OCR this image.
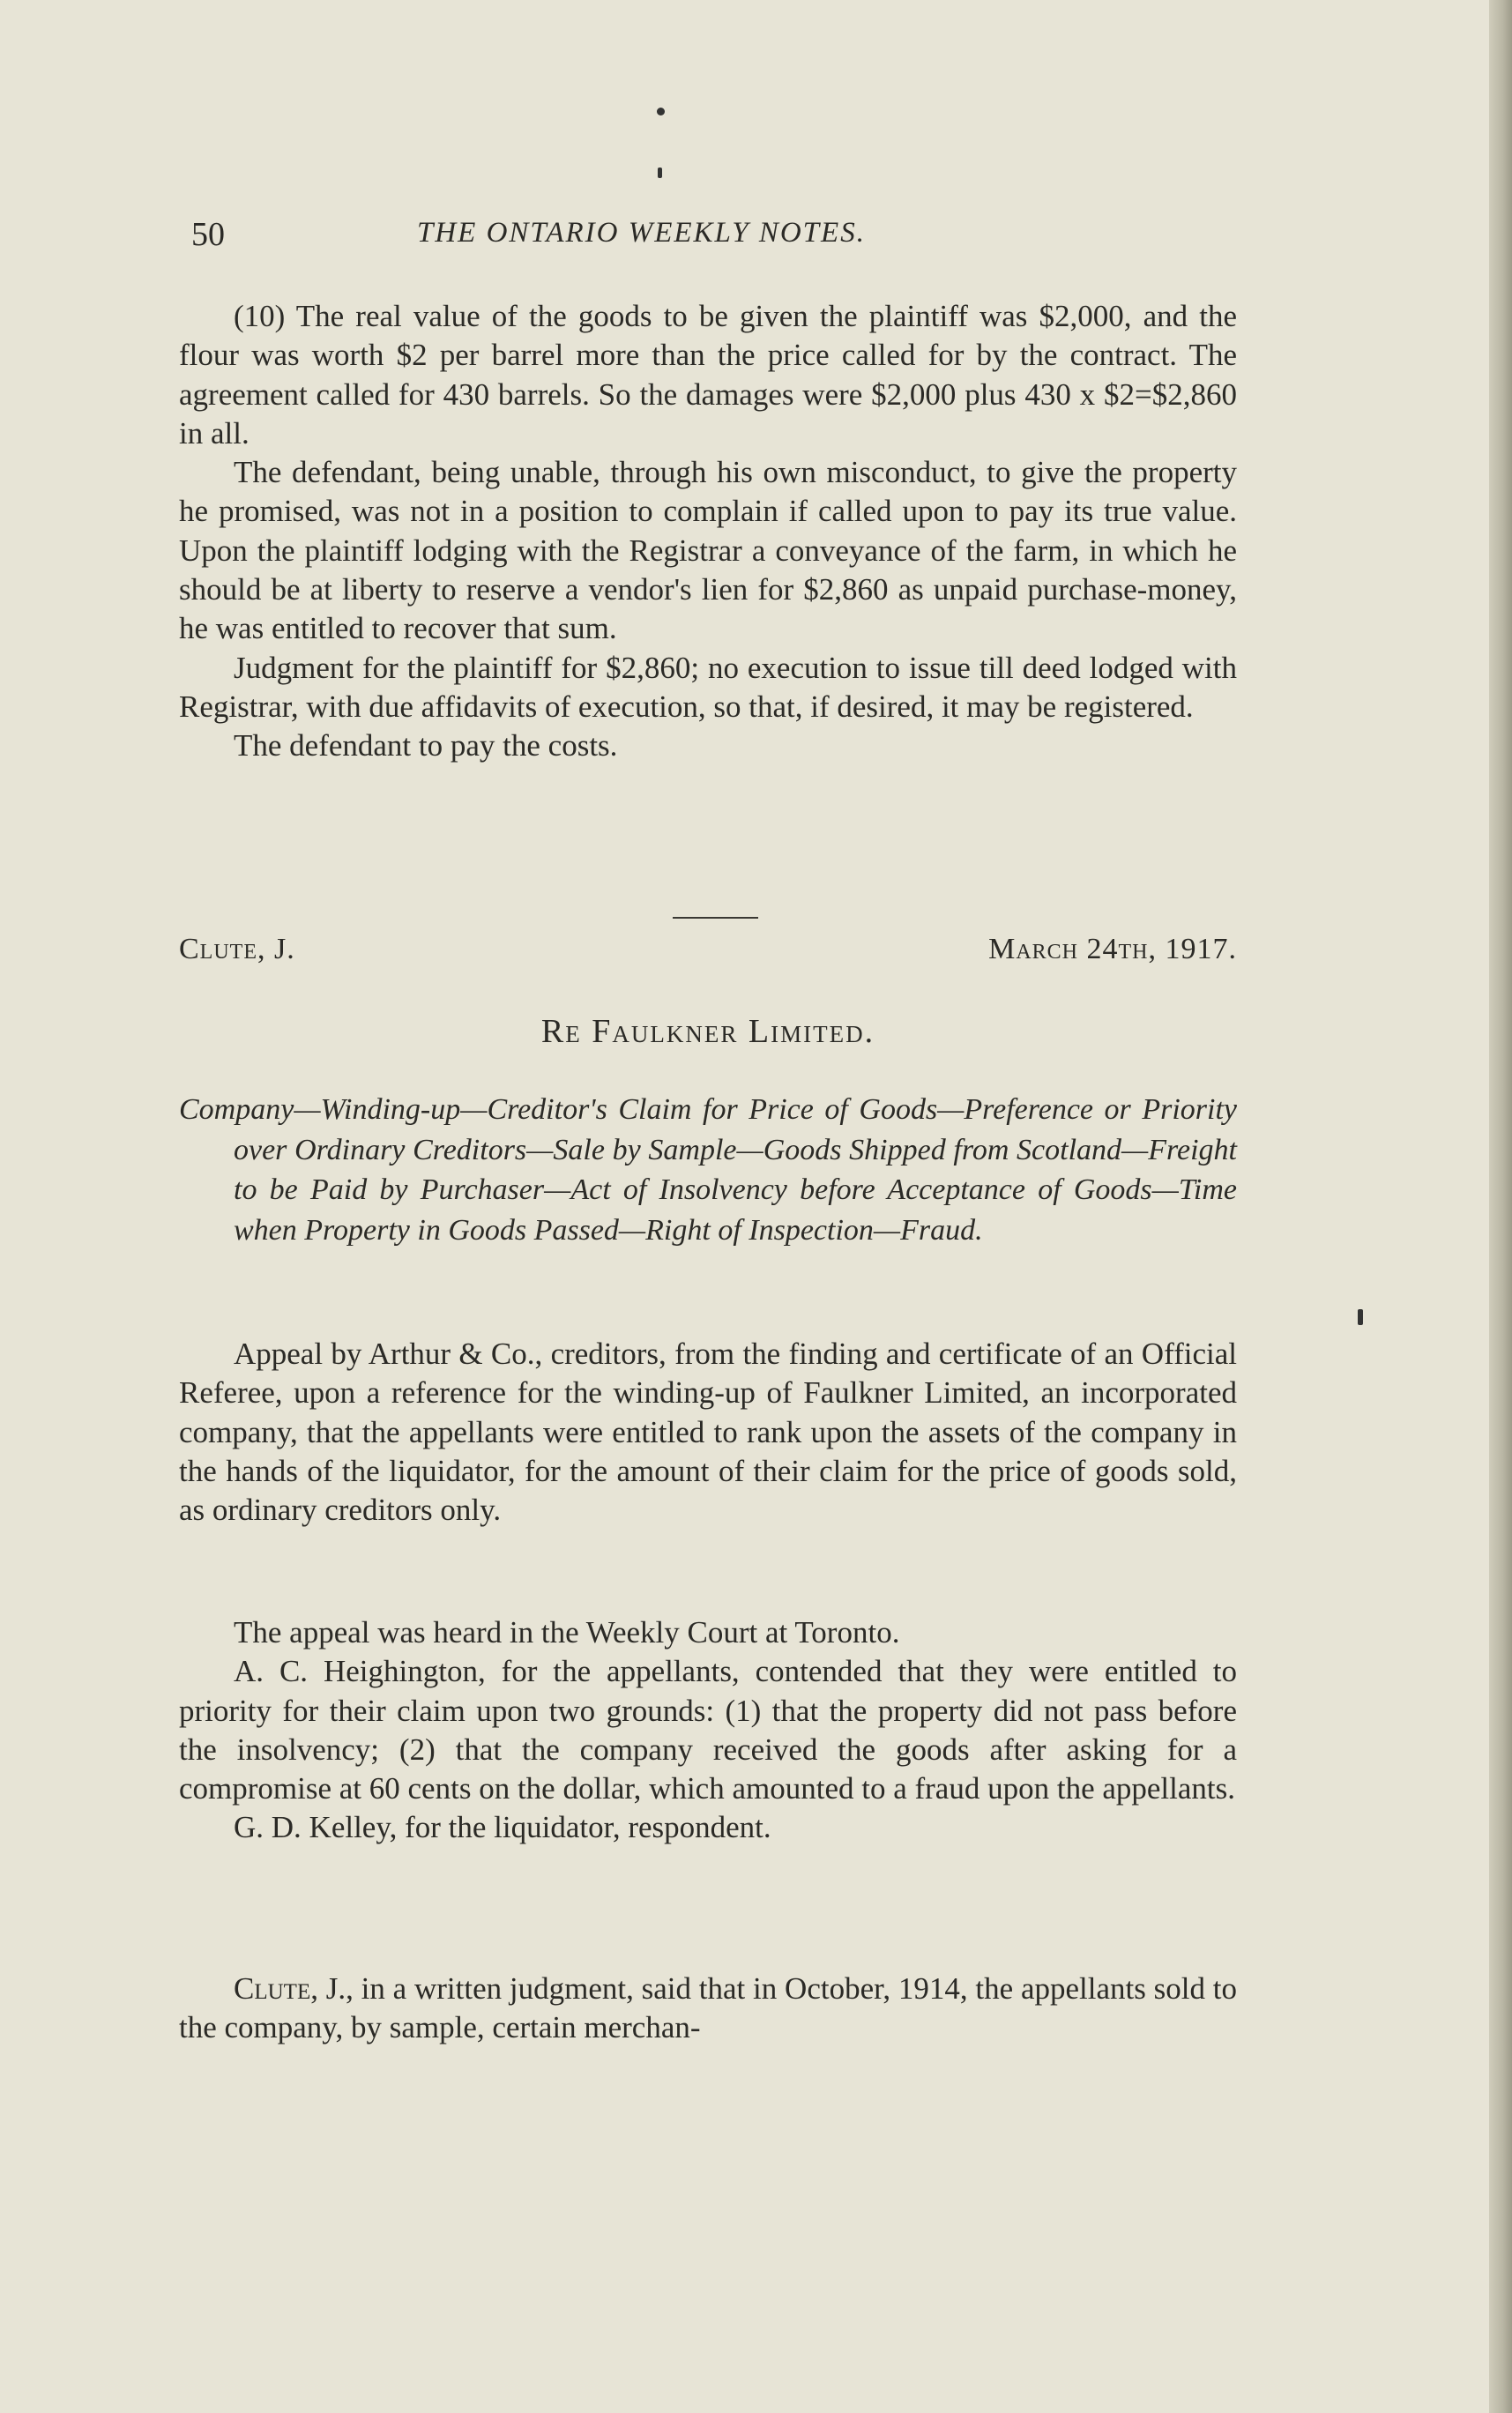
50	THE ONTARIO WEEKLY NOTES.

(10) The real value of the goods to be given the plaintiff was $2,000, and the flour was worth $2 per barrel more than the price called for by the contract. The agreement called for 430 barrels. So the damages were $2,000 plus 430 x $2=$2,860 in all.

The defendant, being unable, through his own misconduct, to give the property he promised, was not in a position to complain if called upon to pay its true value. Upon the plaintiff lodging with the Registrar a conveyance of the farm, in which he should be at liberty to reserve a vendor's lien for $2,860 as unpaid purchase-money, he was entitled to recover that sum.

Judgment for the plaintiff for $2,860; no execution to issue till deed lodged with Registrar, with due affidavits of execution, so that, if desired, it may be registered.

The defendant to pay the costs.

Clute, J.	March 24th, 1917.
Re Faulkner Limited.
Company—Winding-up—Creditor's Claim for Price of Goods—Preference or Priority over Ordinary Creditors—Sale by Sample—Goods Shipped from Scotland—Freight to be Paid by Purchaser—Act of Insolvency before Acceptance of Goods—Time when Property in Goods Passed—Right of Inspection—Fraud.

Appeal by Arthur & Co., creditors, from the finding and certificate of an Official Referee, upon a reference for the winding-up of Faulkner Limited, an incorporated company, that the appellants were entitled to rank upon the assets of the company in the hands of the liquidator, for the amount of their claim for the price of goods sold, as ordinary creditors only.

The appeal was heard in the Weekly Court at Toronto.

A. C. Heighington, for the appellants, contended that they were entitled to priority for their claim upon two grounds: (1) that the property did not pass before the insolvency; (2) that the company received the goods after asking for a compromise at 60 cents on the dollar, which amounted to a fraud upon the appellants.

G. D. Kelley, for the liquidator, respondent.

Clute, J., in a written judgment, said that in October, 1914, the appellants sold to the company, by sample, certain merchan-
